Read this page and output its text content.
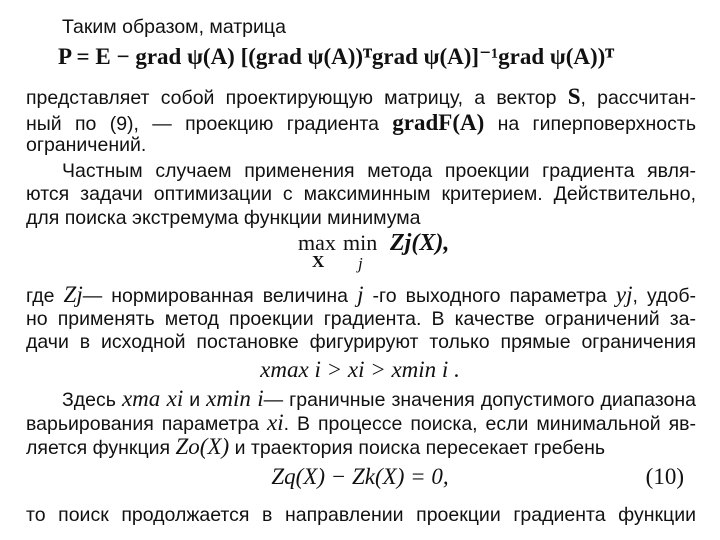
Таким образом, матрица
P = E − grad ψ(A) [(grad ψ(A))ᵀgrad ψ(A)]⁻¹grad ψ(A))ᵀ
представляет собой проектирующую матрицу, а вектор S, рассчитан-
ный по (9), — проекцию градиента gradF(A) на гиперповерхность
ограничений.
Частным случаем применения метода проекции градиента явля-
ются задачи оптимизации с максиминным критерием. Действительно,
для поиска экстремума функции минимума
max min Zj(X),
X j
где Zj— нормированная величина j -го выходного параметра yj, удоб-
но применять метод проекции градиента. В качестве ограничений за-
дачи в исходной постановке фигурируют только прямые ограничения
xmax i > xi > xmin i .
Здесь xma xi и xmin i— граничные значения допустимого диапазона
варьирования параметра xi. В процессе поиска, если минимальной яв-
ляется функция Zo(X) и траектория поиска пересекает гребень
Zq(X) − Zk(X) = 0,	(10)
то поиск продолжается в направлении проекции градиента функции
